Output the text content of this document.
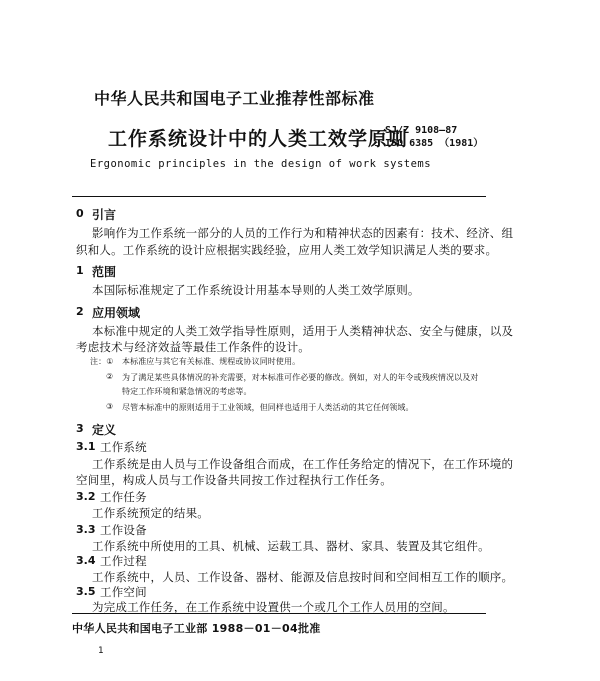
中华人民共和国电子工业推荐性部标准
工作系统设计中的人类工效学原则
SJ/Z 9108—87
ISO 6385 （1981）
Ergonomic principles in the design of work systems
0 引言
影响作为工作系统一部分的人员的工作行为和精神状态的因素有：技术、经济、组
织和人。工作系统的设计应根据实践经验，应用人类工效学知识满足人类的要求。
1 范围
本国际标准规定了工作系统设计用基本导则的人类工效学原则。
2 应用领域
本标准中规定的人类工效学指导性原则，适用于人类精神状态、安全与健康，以及
考虑技术与经济效益等最佳工作条件的设计。
注：① 本标准应与其它有关标准、规程或协议同时使用。
② 为了满足某些具体情况的补充需要，对本标准可作必要的修改。例如，对人的年令或残疾情况以及对
特定工作环境和紧急情况的考虑等。
③ 尽管本标准中的原则适用于工业领域，但同样也适用于人类活动的其它任何领域。
3 定义
3.1 工作系统
工作系统是由人员与工作设备组合而成，在工作任务给定的情况下，在工作环境的
空间里，构成人员与工作设备共同按工作过程执行工作任务。
3.2 工作任务
工作系统预定的结果。
3.3 工作设备
工作系统中所使用的工具、机械、运载工具、器材、家具、装置及其它组件。
3.4 工作过程
工作系统中，人员、工作设备、器材、能源及信息按时间和空间相互工作的顺序。
3.5 工作空间
为完成工作任务，在工作系统中设置供一个或几个工作人员用的空间。
中华人民共和国电子工业部 1988－01－04批准
1
